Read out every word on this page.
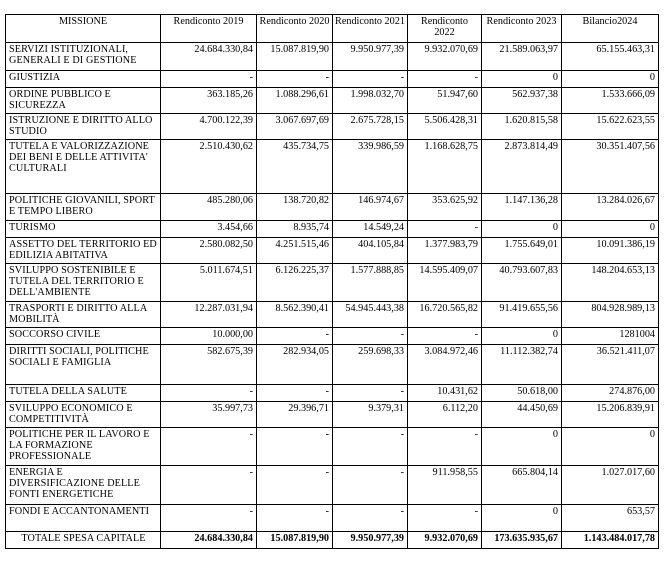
MISSIONE	Rendiconto 2019	Rendiconto 2020	Rendiconto 2021	Rendiconto 2022	Rendiconto 2023	Bilancio2024
SERVIZI ISTITUZIONALI, GENERALI E DI GESTIONE	24.684.330,84	15.087.819,90	9.950.977,39	9.932.070,69	21.589.063,97	65.155.463,31
GIUSTIZIA	-	-	-	-	0	0
ORDINE PUBBLICO E SICUREZZA	363.185,26	1.088.296,61	1.998.032,70	51.947,60	562.937,38	1.533.666,09
ISTRUZIONE E DIRITTO ALLO STUDIO	4.700.122,39	3.067.697,69	2.675.728,15	5.506.428,31	1.620.815,58	15.622.623,55
TUTELA E VALORIZZAZIONE DEI BENI E DELLE ATTIVITA' CULTURALI	2.510.430,62	435.734,75	339.986,59	1.168.628,75	2.873.814,49	30.351.407,56
POLITICHE GIOVANILI, SPORT E TEMPO LIBERO	485.280,06	138.720,82	146.974,67	353.625,92	1.147.136,28	13.284.026,67
TURISMO	3.454,66	8.935,74	14.549,24	-	0	0
ASSETTO DEL TERRITORIO ED EDILIZIA ABITATIVA	2.580.082,50	4.251.515,46	404.105,84	1.377.983,79	1.755.649,01	10.091.386,19
SVILUPPO SOSTENIBILE E TUTELA DEL TERRITORIO E DELL'AMBIENTE	5.011.674,51	6.126.225,37	1.577.888,85	14.595.409,07	40.793.607,83	148.204.653,13
TRASPORTI E DIRITTO ALLA MOBILITÀ	12.287.031,94	8.562.390,41	54.945.443,38	16.720.565,82	91.419.655,56	804.928.989,13
SOCCORSO CIVILE	10.000,00	-	-	-	0	1281004
DIRITTI SOCIALI, POLITICHE SOCIALI E FAMIGLIA	582.675,39	282.934,05	259.698,33	3.084.972,46	11.112.382,74	36.521.411,07
TUTELA DELLA SALUTE	-	-	-	10.431,62	50.618,00	274.876,00
SVILUPPO ECONOMICO E COMPETITIVITÀ	35.997,73	29.396,71	9.379,31	6.112,20	44.450,69	15.206.839,91
POLITICHE PER IL LAVORO E LA FORMAZIONE PROFESSIONALE	-	-	-	-	0	0
ENERGIA E DIVERSIFICAZIONE DELLE FONTI ENERGETICHE	-	-	-	911.958,55	665.804,14	1.027.017,60
FONDI E ACCANTONAMENTI	-	-	-	-	0	653,57
TOTALE SPESA CAPITALE	24.684.330,84	15.087.819,90	9.950.977,39	9.932.070,69	173.635.935,67	1.143.484.017,78
